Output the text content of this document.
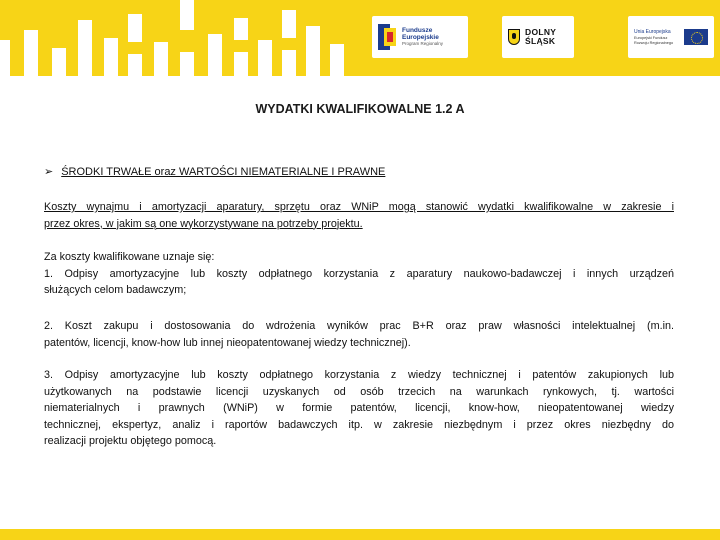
Fundusze
Europejskie
Program Regionalny
DOLNY
ŚLĄSK
Unia Europejska
Europejski Fundusz
Rozwoju Regionalnego
WYDATKI KWALIFIKOWALNE 1.2 A
➢ ŚRODKI TRWAŁE oraz WARTOŚCI NIEMATERIALNE I PRAWNE
Koszty wynajmu i amortyzacji aparatury, sprzętu oraz WNiP mogą stanowić wydatki kwalifikowalne w zakresie i
przez okres, w jakim są one wykorzystywane na potrzeby projektu.
Za koszty kwalifikowane uznaje się:
1. Odpisy amortyzacyjne lub koszty odpłatnego korzystania z aparatury naukowo-badawczej i innych urządzeń
służących celom badawczym;
2. Koszt zakupu i dostosowania do wdrożenia wyników prac B+R oraz praw własności intelektualnej (m.in.
patentów, licencji, know-how lub innej nieopatentowanej wiedzy technicznej).
3. Odpisy amortyzacyjne lub koszty odpłatnego korzystania z wiedzy technicznej i patentów zakupionych lub
użytkowanych na podstawie licencji uzyskanych od osób trzecich na warunkach rynkowych, tj. wartości
niematerialnych i prawnych (WNiP) w formie patentów, licencji, know-how, nieopatentowanej wiedzy
technicznej, ekspertyz, analiz i raportów badawczych itp. w zakresie niezbędnym i przez okres niezbędny do
realizacji projektu objętego pomocą.
